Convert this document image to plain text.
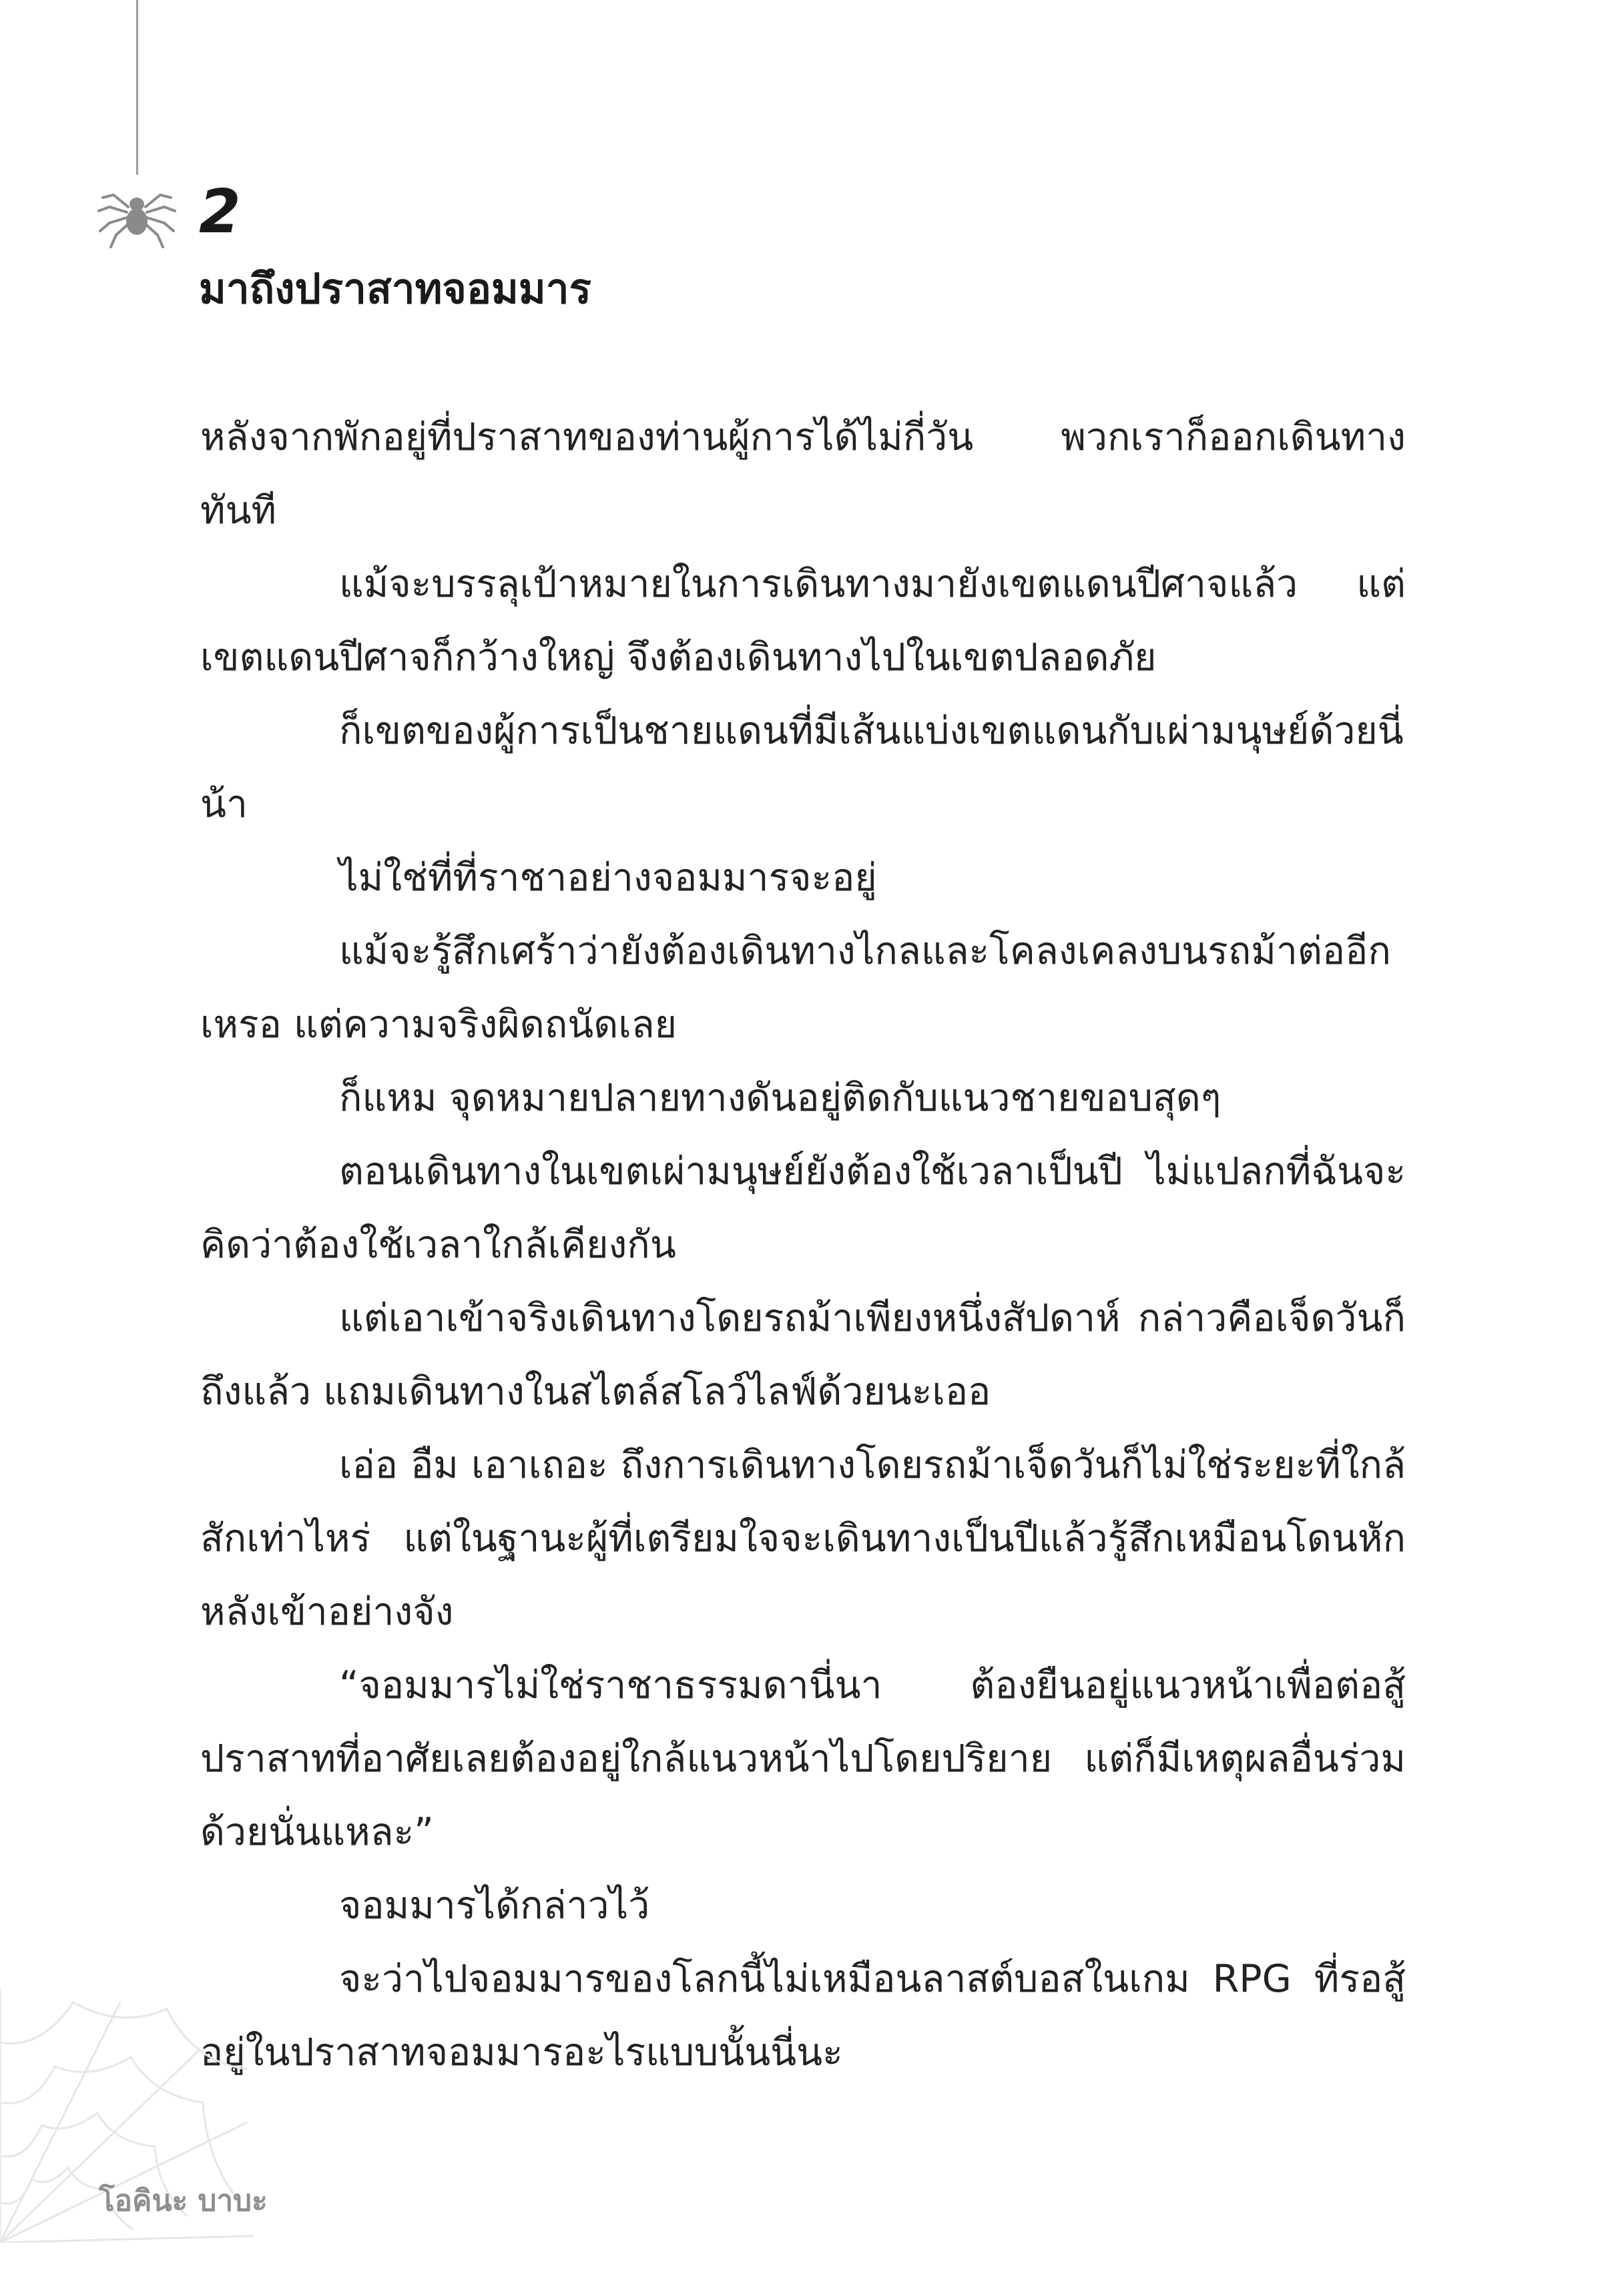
2
มาถึงปราสาทจอมมาร

หลังจากพักอยู่ที่ปราสาทของท่านผู้การได้ไม่กี่วัน พวกเราก็ออกเดินทางทันที

แม้จะบรรลุเป้าหมายในการเดินทางมายังเขตแดนปีศาจแล้ว แต่เขตแดนปีศาจก็กว้างใหญ่ จึงต้องเดินทางไปในเขตปลอดภัย

ก็เขตของผู้การเป็นชายแดนที่มีเส้นแบ่งเขตแดนกับเผ่ามนุษย์ด้วยนี่น้า

ไม่ใช่ที่ที่ราชาอย่างจอมมารจะอยู่

แม้จะรู้สึกเศร้าว่ายังต้องเดินทางไกลและโคลงเคลงบนรถม้าต่ออีกเหรอ แต่ความจริงผิดถนัดเลย

ก็แหม จุดหมายปลายทางดันอยู่ติดกับแนวชายขอบสุดๆ

ตอนเดินทางในเขตเผ่ามนุษย์ยังต้องใช้เวลาเป็นปี ไม่แปลกที่ฉันจะคิดว่าต้องใช้เวลาใกล้เคียงกัน

แต่เอาเข้าจริงเดินทางโดยรถม้าเพียงหนึ่งสัปดาห์ กล่าวคือเจ็ดวันก็ถึงแล้ว แถมเดินทางในสไตล์สโลว์ไลฟ์ด้วยนะเออ

เอ่อ อืม เอาเถอะ ถึงการเดินทางโดยรถม้าเจ็ดวันก็ไม่ใช่ระยะที่ใกล้สักเท่าไหร่ แต่ในฐานะผู้ที่เตรียมใจจะเดินทางเป็นปีแล้วรู้สึกเหมือนโดนหักหลังเข้าอย่างจัง

“จอมมารไม่ใช่ราชาธรรมดานี่นา ต้องยืนอยู่แนวหน้าเพื่อต่อสู้ ปราสาทที่อาศัยเลยต้องอยู่ใกล้แนวหน้าไปโดยปริยาย แต่ก็มีเหตุผลอื่นร่วมด้วยนั่นแหละ”

จอมมารได้กล่าวไว้

จะว่าไปจอมมารของโลกนี้ไม่เหมือนลาสต์บอสในเกม RPG ที่รอสู้อยู่ในปราสาทจอมมารอะไรแบบนั้นนี่นะ

โอคินะ บาบะ
